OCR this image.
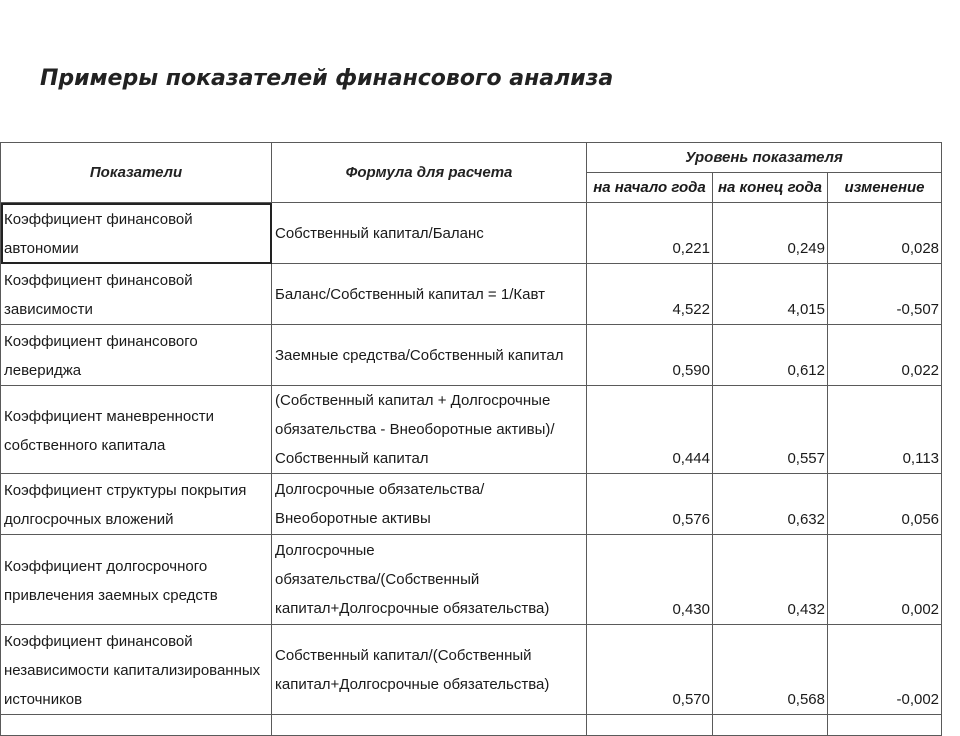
Примеры показателей финансового анализа
Показатели	Формула для расчета	Уровень показателя		
		на начало года	на конец года	изменение
Коэффициент финансовой автономии	Собственный капитал/Баланс	0,221	0,249	0,028
Коэффициент финансовой зависимости	Баланс/Собственный капитал = 1/Кавт	4,522	4,015	-0,507
Коэффициент финансового левериджа	Заемные средства/Собственный капитал	0,590	0,612	0,022
Коэффициент маневренности собственного капитала	(Собственный капитал + Долгосрочные обязательства - Внеоборотные активы)/Собственный капитал	0,444	0,557	0,113
Коэффициент структуры покрытия долгосрочных вложений	Долгосрочные обязательства/Внеоборотные активы	0,576	0,632	0,056
Коэффициент долгосрочного привлечения заемных средств	Долгосрочные обязательства/(Собственный капитал+Долгосрочные обязательства)	0,430	0,432	0,002
Коэффициент финансовой независимости капитализированных источников	Собственный капитал/(Собственный капитал+Долгосрочные обязательства)	0,570	0,568	-0,002
